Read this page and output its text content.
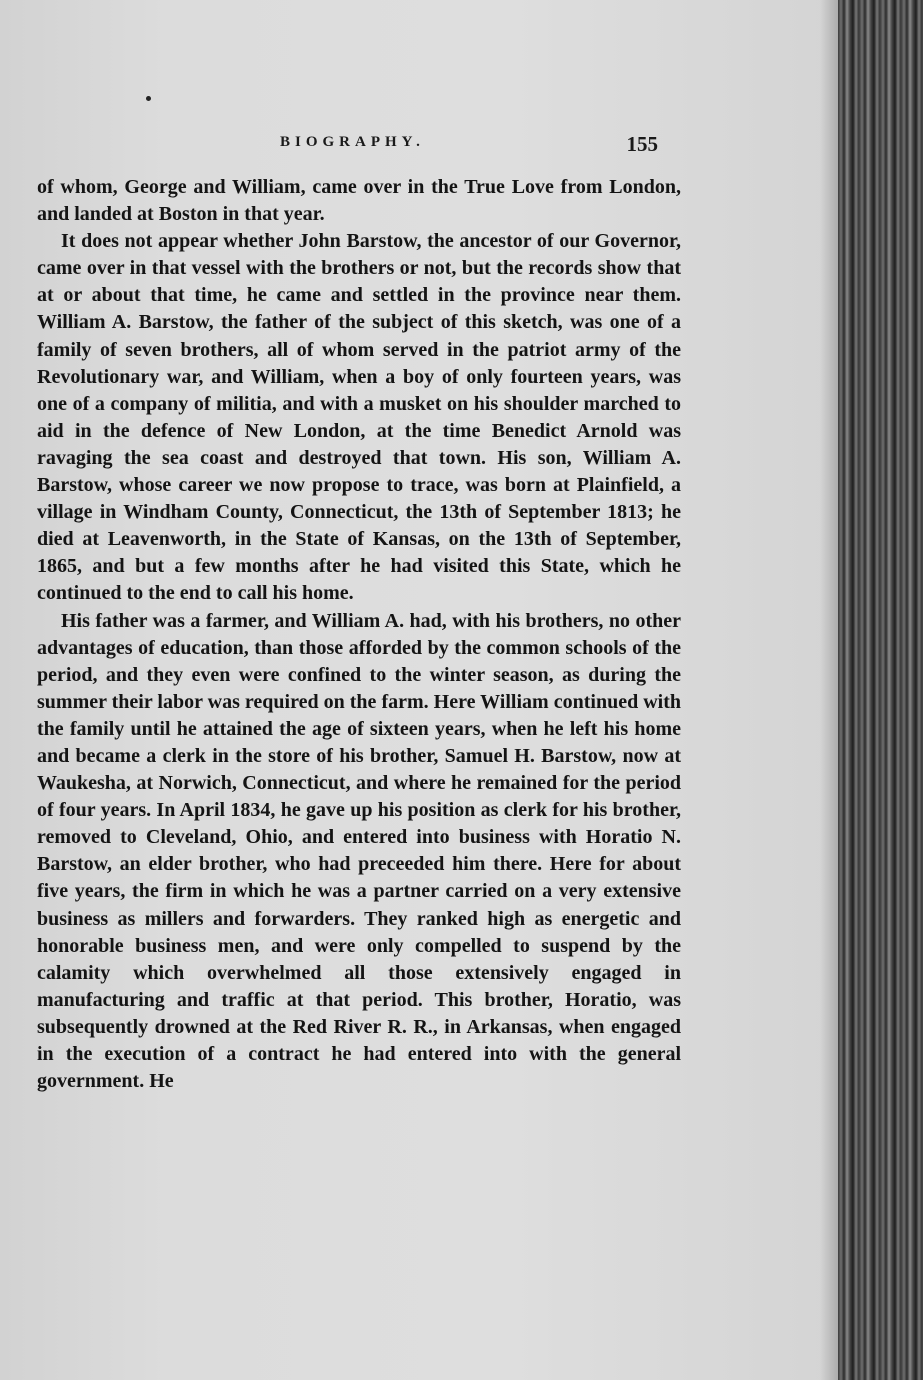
BIOGRAPHY.	155

of whom, George and William, came over in the True Love from London, and landed at Boston in that year.

It does not appear whether John Barstow, the ancestor of our Governor, came over in that vessel with the brothers or not, but the records show that at or about that time, he came and settled in the province near them. William A. Barstow, the father of the subject of this sketch, was one of a family of seven brothers, all of whom served in the patriot army of the Revolutionary war, and William, when a boy of only fourteen years, was one of a company of militia, and with a musket on his shoulder marched to aid in the defence of New London, at the time Benedict Arnold was ravaging the sea coast and destroyed that town. His son, William A. Barstow, whose career we now propose to trace, was born at Plainfield, a village in Windham County, Connecticut, the 13th of September 1813; he died at Leavenworth, in the State of Kansas, on the 13th of September, 1865, and but a few months after he had visited this State, which he continued to the end to call his home.

His father was a farmer, and William A. had, with his brothers, no other advantages of education, than those afforded by the common schools of the period, and they even were confined to the winter season, as during the summer their labor was required on the farm. Here William continued with the family until he attained the age of sixteen years, when he left his home and became a clerk in the store of his brother, Samuel H. Barstow, now at Waukesha, at Norwich, Connecticut, and where he remained for the period of four years. In April 1834, he gave up his position as clerk for his brother, removed to Cleveland, Ohio, and entered into business with Horatio N. Barstow, an elder brother, who had preceeded him there. Here for about five years, the firm in which he was a partner carried on a very extensive business as millers and forwarders. They ranked high as energetic and honorable business men, and were only compelled to suspend by the calamity which overwhelmed all those extensively engaged in manufacturing and traffic at that period. This brother, Horatio, was subsequently drowned at the Red River R. R., in Arkansas, when engaged in the execution of a contract he had entered into with the general government. He
